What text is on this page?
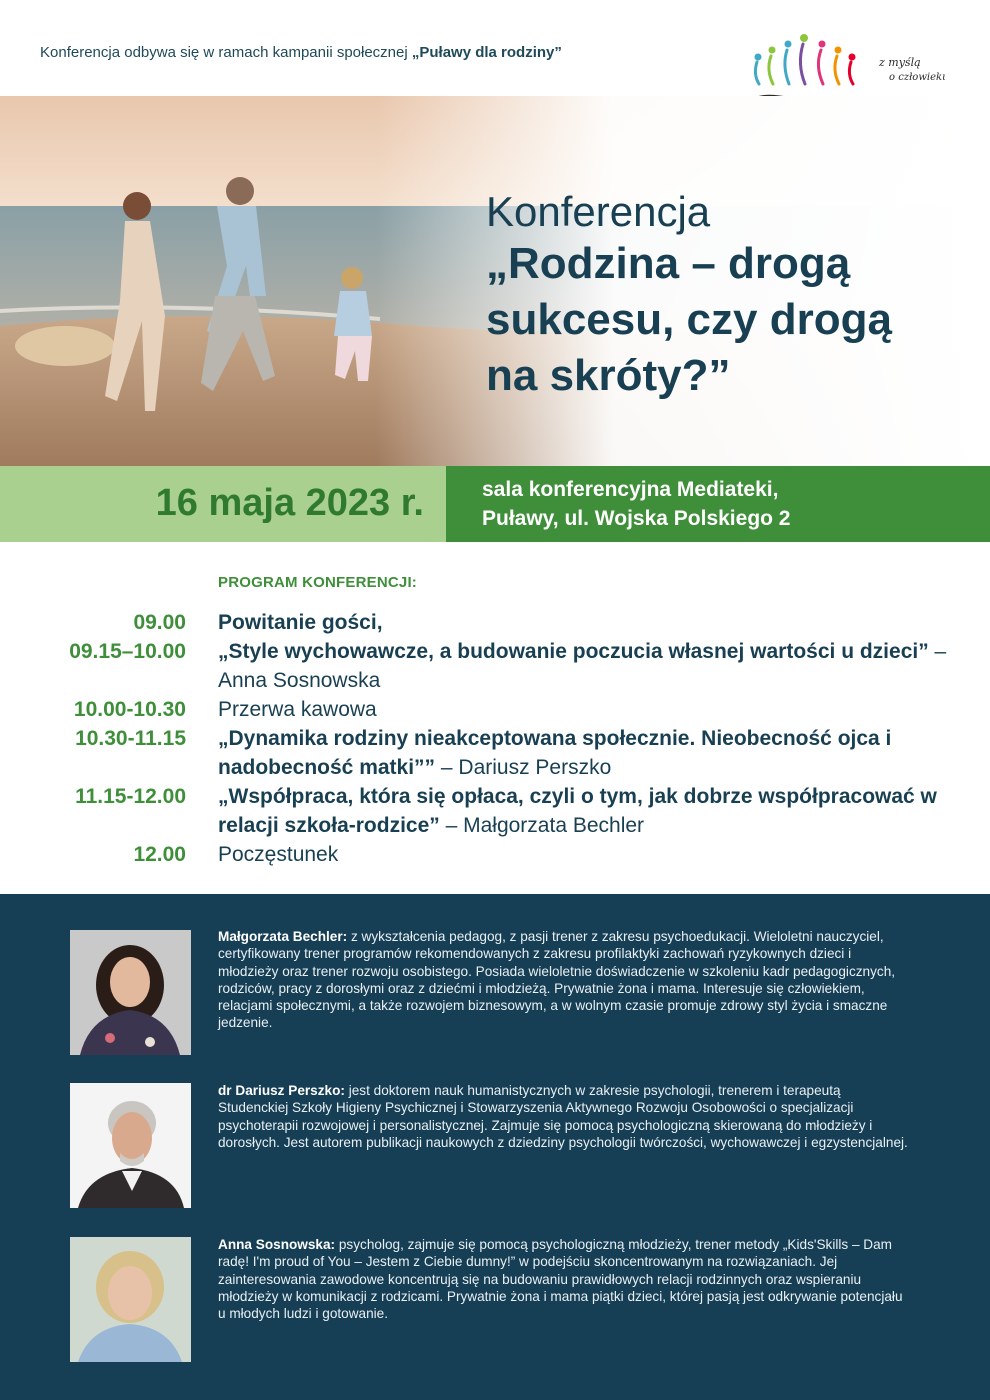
Konferencja odbywa się w ramach kampanii społecznej „Puławy dla rodziny”
z myślą
o człowieku
Konferencja
„Rodzina – drogą sukcesu, czy drogą na skróty?”
16 maja 2023 r.	sala konferencyjna Mediateki,
Puławy, ul. Wojska Polskiego 2
PROGRAM KONFERENCJI:
09.00 Powitanie gości,
09.15–10.00 „Style wychowawcze, a budowanie poczucia własnej wartości u dzieci” – Anna Sosnowska
10.00-10.30 Przerwa kawowa
10.30-11.15 „Dynamika rodziny nieakceptowana społecznie. Nieobecność ojca i nadobecność matki”” – Dariusz Perszko
11.15-12.00 „Współpraca, która się opłaca, czyli o tym, jak dobrze współpracować w relacji szkoła-rodzice” – Małgorzata Bechler
12.00 Poczęstunek
Małgorzata Bechler: z wykształcenia pedagog, z pasji trener z zakresu psychoedukacji. Wieloletni nauczyciel, certyfikowany trener programów rekomendowanych z zakresu profilaktyki zachowań ryzykownych dzieci i młodzieży oraz trener rozwoju osobistego. Posiada wieloletnie doświadczenie w szkoleniu kadr pedagogicznych, rodziców, pracy z dorosłymi oraz z dziećmi i młodzieżą. Prywatnie żona i mama. Interesuje się człowiekiem, relacjami społecznymi, a także rozwojem biznesowym, a w wolnym czasie promuje zdrowy styl życia i smaczne jedzenie.
dr Dariusz Perszko: jest doktorem nauk humanistycznych w zakresie psychologii, trenerem i terapeutą Studenckiej Szkoły Higieny Psychicznej i Stowarzyszenia Aktywnego Rozwoju Osobowości o specjalizacji psychoterapii rozwojowej i personalistycznej. Zajmuje się pomocą psychologiczną skierowaną do młodzieży i dorosłych. Jest autorem publikacji naukowych z dziedziny psychologii twórczości, wychowawczej i egzystencjalnej.
Anna Sosnowska: psycholog, zajmuje się pomocą psychologiczną młodzieży, trener metody „Kids'Skills – Dam radę! I'm proud of You – Jestem z Ciebie dumny!” w podejściu skoncentrowanym na rozwiązaniach. Jej zainteresowania zawodowe koncentrują się na budowaniu prawidłowych relacji rodzinnych oraz wspieraniu młodzieży w komunikacji z rodzicami. Prywatnie żona i mama piątki dzieci, której pasją jest odkrywanie potencjału u młodych ludzi i gotowanie.
